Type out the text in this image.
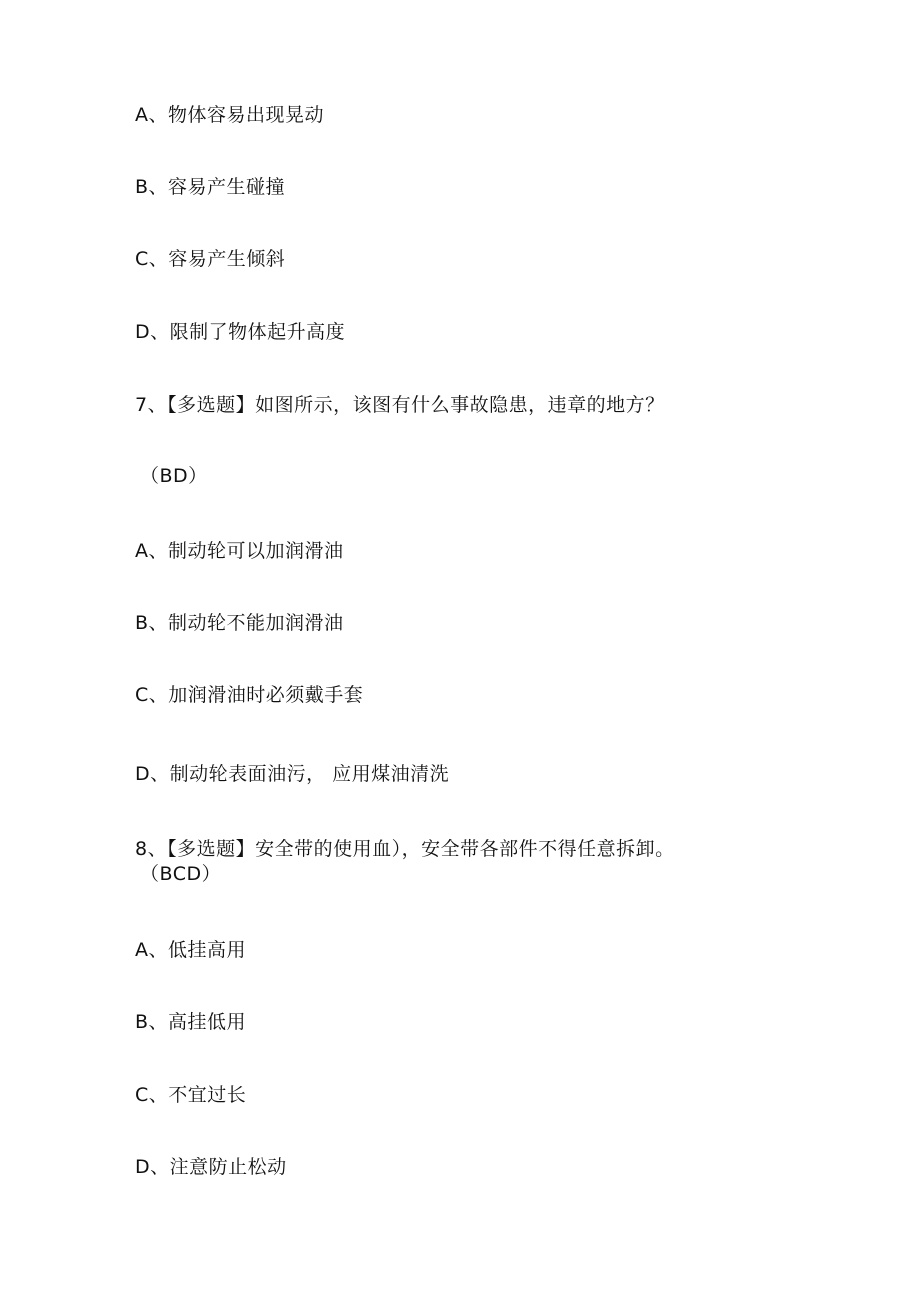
A、物体容易出现晃动
B、容易产生碰撞
C、容易产生倾斜
D、限制了物体起升高度
7、【多选题】如图所示，该图有什么事故隐患，违章的地方？
（BD）
A、制动轮可以加润滑油
B、制动轮不能加润滑油
C、加润滑油时必须戴手套
D、制动轮表面油污， 应用煤油清洗
8、【多选题】安全带的使用血），安全带各部件不得任意拆卸。
（BCD）
A、低挂高用
B、高挂低用
C、不宜过长
D、注意防止松动
